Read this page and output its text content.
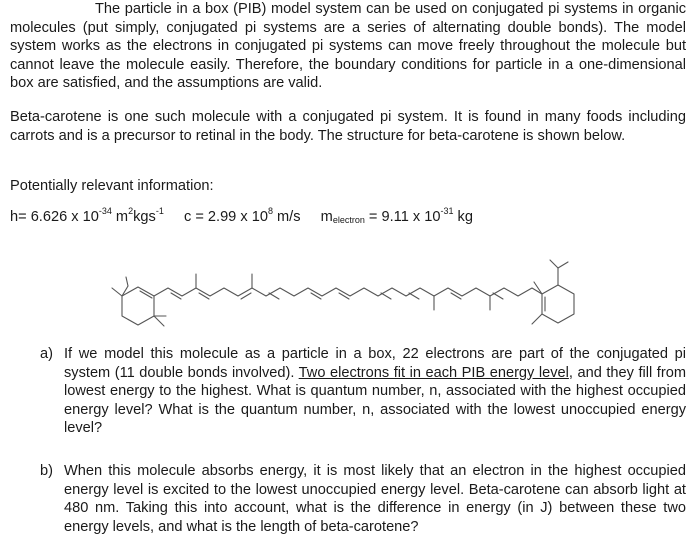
The particle in a box (PIB) model system can be used on conjugated pi systems in organic molecules (put simply, conjugated pi systems are a series of alternating double bonds). The model system works as the electrons in conjugated pi systems can move freely throughout the molecule but cannot leave the molecule easily. Therefore, the boundary conditions for particle in a one-dimensional box are satisfied, and the assumptions are valid.

Beta-carotene is one such molecule with a conjugated pi system. It is found in many foods including carrots and is a precursor to retinal in the body. The structure for beta-carotene is shown below.

Potentially relevant information:

h= 6.626 x $10^{-34}$ $m^2kgs^{-1}$ c = 2.99 x $10^8$ m/s $m_{electron} = 9.11$ x $10^{-31}$ kg

a) If we model this molecule as a particle in a box, 22 electrons are part of the conjugated pi system (11 double bonds involved). Two electrons fit in each PIB energy level, and they fill from lowest energy to the highest. What is quantum number, n, associated with the highest occupied energy level? What is the quantum number, n, associated with the lowest unoccupied energy level?
b) When this molecule absorbs energy, it is most likely that an electron in the highest occupied energy level is excited to the lowest unoccupied energy level. Beta-carotene can absorb light at 480 nm. Taking this into account, what is the difference in energy (in J) between these two energy levels, and what is the length of beta-carotene?
